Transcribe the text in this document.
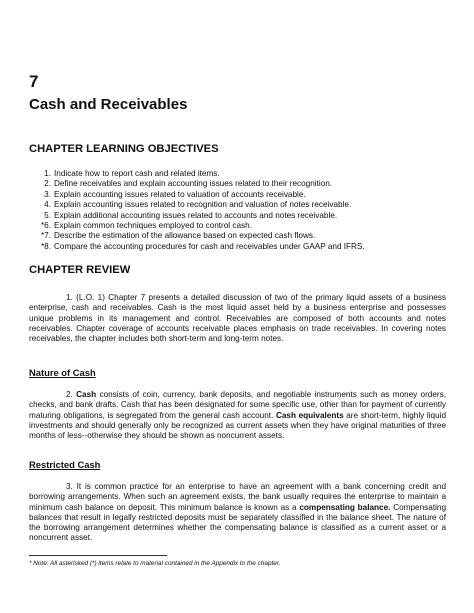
7
Cash and Receivables
CHAPTER LEARNING OBJECTIVES
1. Indicate how to report cash and related items.
2. Define receivables and explain accounting issues related to their recognition.
3. Explain accounting issues related to valuation of accounts receivable.
4. Explain accounting issues related to recognition and valuation of notes receivable.
5. Explain additional accounting issues related to accounts and notes receivable.
*6. Explain common techniques employed to control cash.
*7. Describe the estimation of the allowance based on expected cash flows.
*8. Compare the accounting procedures for cash and receivables under GAAP and IFRS.
CHAPTER REVIEW
1. (L.O. 1) Chapter 7 presents a detailed discussion of two of the primary liquid assets of a business enterprise, cash and receivables. Cash is the most liquid asset held by a business enterprise and possesses unique problems in its management and control. Receivables are composed of both accounts and notes receivables. Chapter coverage of accounts receivable places emphasis on trade receivables. In covering notes receivables, the chapter includes both short-term and long-term notes.
Nature of Cash
2. Cash consists of coin, currency, bank deposits, and negotiable instruments such as money orders, checks, and bank drafts. Cash that has been designated for some specific use, other than for payment of currently maturing obligations, is segregated from the general cash account. Cash equivalents are short-term, highly liquid investments and should generally only be recognized as current assets when they have original maturities of three months of less--otherwise they should be shown as noncurrent assets.
Restricted Cash
3. It is common practice for an enterprise to have an agreement with a bank concerning credit and borrowing arrangements. When such an agreement exists, the bank usually requires the enterprise to maintain a minimum cash balance on deposit. This minimum balance is known as a compensating balance. Compensating balances that result in legally restricted deposits must be separately classified in the balance sheet. The nature of the borrowing arrangement determines whether the compensating balance is classified as a current asset or a noncurrent asset.
* Note: All asterisked (*) items relate to material contained in the Appendix to the chapter.
